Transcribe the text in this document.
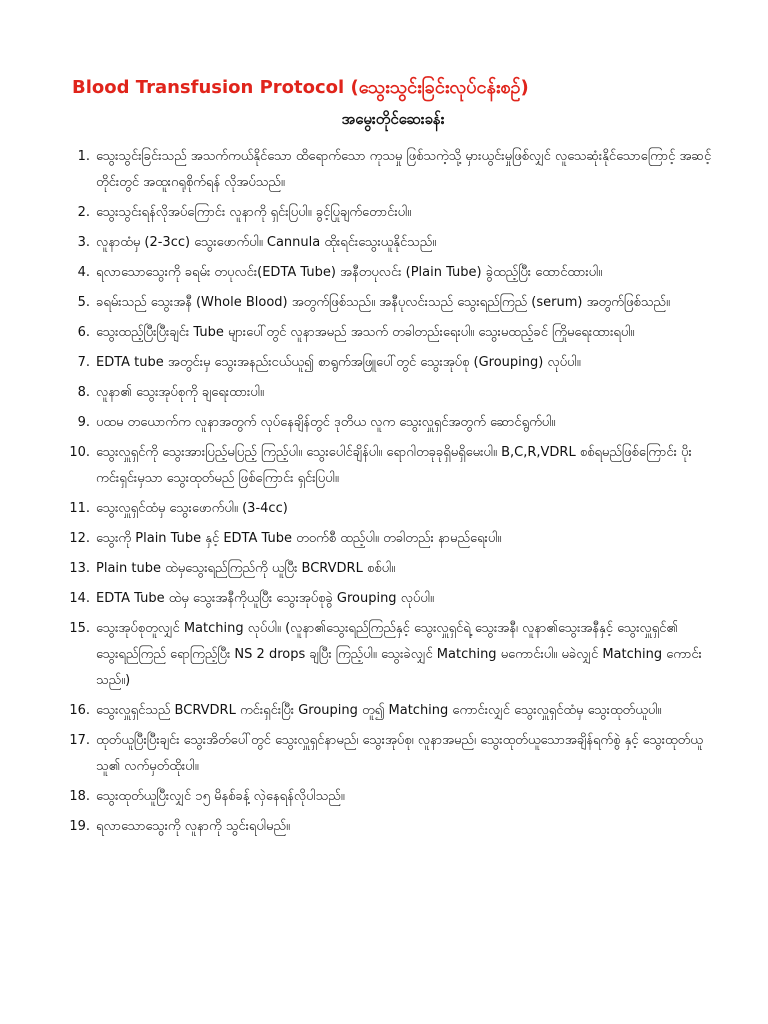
Blood Transfusion Protocol (သွေးသွင်းခြင်းလုပ်ငန်းစဉ်)
အမွေးတိုင်ဆေးခန်း
1. သွေးသွင်းခြင်းသည် အသက်ကယ်နိုင်သော ထိရောက်သော ကုသမှု ဖြစ်သကဲ့သို့ မှားယွင်းမှုဖြစ်လျှင် လူသေဆုံးနိုင်သောကြောင့် အဆင့်တိုင်းတွင် အထူးဂရုစိုက်ရန် လိုအပ်သည်။
2. သွေးသွင်းရန်လိုအပ်ကြောင်း လူနာကို ရှင်းပြပါ။ ခွင့်ပြုချက်တောင်းပါ။
3. လူနာထံမှ (2-3cc) သွေးဖောက်ပါ။ Cannula ထိုးရင်းသွေးယူနိုင်သည်။
4. ရလာသောသွေးကို ခရမ်း တပုလင်း(EDTA Tube) အနီတပုလင်း (Plain Tube) ခွဲထည့်ပြီး ထောင်ထားပါ။
5. ခရမ်းသည် သွေးအနီ (Whole Blood) အတွက်ဖြစ်သည်။ အနီပုလင်းသည် သွေးရည်ကြည် (serum) အတွက်ဖြစ်သည်။
6. သွေးထည့်ပြီးပြီးချင်း Tube များပေါ်တွင် လူနာအမည် အသက် တခါတည်းရေးပါ။ သွေးမထည့်ခင် ကြိုမရေးထားရပါ။
7. EDTA tube အတွင်းမှ သွေးအနည်းငယ်ယူ၍ စာရွက်အဖြူပေါ်တွင် သွေးအုပ်စု (Grouping) လုပ်ပါ။
8. လူနာ၏ သွေးအုပ်စုကို ချရေးထားပါ။
9. ပထမ တယောက်က လူနာအတွက် လုပ်နေချိန်တွင် ဒုတိယ လူက သွေးလှူရှင်အတွက် ဆောင်ရွက်ပါ။
10. သွေးလှူရှင်ကို သွေးအားပြည့်မပြည့် ကြည့်ပါ။ သွေးပေါင်ချိန်ပါ။ ရောဂါတခုခုရှိမရှိမေးပါ။ B,C,R,VDRL စစ်ရမည်ဖြစ်ကြောင်း ပိုးကင်းရှင်းမှသာ သွေးထုတ်မည် ဖြစ်ကြောင်း ရှင်းပြပါ။
11. သွေးလှူရှင်ထံမှ သွေးဖောက်ပါ။ (3-4cc)
12. သွေးကို Plain Tube နှင့် EDTA Tube တဝက်စီ ထည့်ပါ။ တခါတည်း နာမည်ရေးပါ။
13. Plain tube ထဲမှသွေးရည်ကြည်ကို ယူပြီး BCRVDRL စစ်ပါ။
14. EDTA Tube ထဲမှ သွေးအနီကိုယူပြီး သွေးအုပ်စုခွဲ Grouping လုပ်ပါ။
15. သွေးအုပ်စုတူလျှင် Matching လုပ်ပါ။ (လူနာ၏သွေးရည်ကြည်နှင့် သွေးလှူရှင်ရဲ့ သွေးအနီ၊ လူနာ၏သွေးအနီနှင့် သွေးလှူရှင်၏ သွေးရည်ကြည် ရောကြည့်ပြီး NS 2 drops ချပြီး ကြည့်ပါ။ သွေးခဲလျှင် Matching မကောင်းပါ။ မခဲလျှင် Matching ကောင်းသည်။)
16. သွေးလှူရှင်သည် BCRVDRL ကင်းရှင်းပြီး Grouping တူ၍ Matching ကောင်းလျှင် သွေးလှူရှင်ထံမှ သွေးထုတ်ယူပါ။
17. ထုတ်ယူပြီးပြီးချင်း သွေးအိတ်ပေါ်တွင် သွေးလှူရှင်နာမည်၊ သွေးအုပ်စု၊ လူနာအမည်၊ သွေးထုတ်ယူသောအချိန်ရက်စွဲ နှင့် သွေးထုတ်ယူသူ၏ လက်မှတ်ထိုးပါ။
18. သွေးထုတ်ယူပြီးလျှင် ၁၅ မိနစ်ခန့် လှဲနေရန်လိုပါသည်။
19. ရလာသောသွေးကို လူနာကို သွင်းရပါမည်။
